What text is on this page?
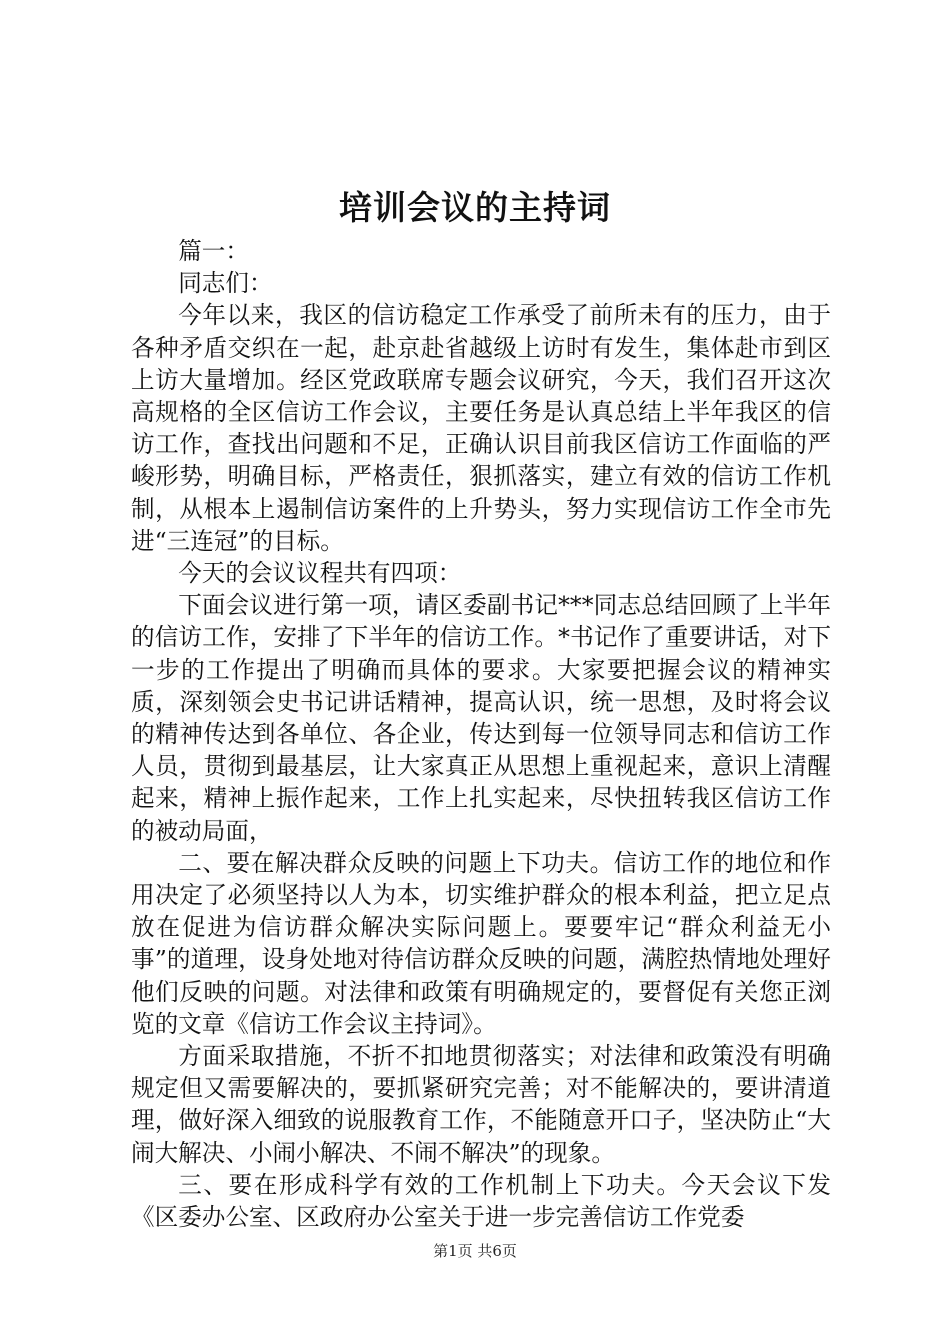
培训会议的主持词

篇一：

同志们：

今年以来，我区的信访稳定工作承受了前所未有的压力，由于各种矛盾交织在一起，赴京赴省越级上访时有发生，集体赴市到区上访大量增加。经区党政联席专题会议研究，今天，我们召开这次高规格的全区信访工作会议，主要任务是认真总结上半年我区的信访工作，查找出问题和不足，正确认识目前我区信访工作面临的严峻形势，明确目标，严格责任，狠抓落实，建立有效的信访工作机制，从根本上遏制信访案件的上升势头，努力实现信访工作全市先进“三连冠”的目标。

今天的会议议程共有四项：

下面会议进行第一项，请区委副书记***同志总结回顾了上半年的信访工作，安排了下半年的信访工作。*书记作了重要讲话，对下一步的工作提出了明确而具体的要求。大家要把握会议的精神实质，深刻领会史书记讲话精神，提高认识，统一思想，及时将会议的精神传达到各单位、各企业，传达到每一位领导同志和信访工作人员，贯彻到最基层，让大家真正从思想上重视起来，意识上清醒起来，精神上振作起来，工作上扎实起来，尽快扭转我区信访工作的被动局面，

二、要在解决群众反映的问题上下功夫。信访工作的地位和作用决定了必须坚持以人为本，切实维护群众的根本利益，把立足点放在促进为信访群众解决实际问题上。要要牢记“群众利益无小事”的道理，设身处地对待信访群众反映的问题，满腔热情地处理好他们反映的问题。对法律和政策有明确规定的，要督促有关您正浏览的文章《信访工作会议主持词》。

方面采取措施，不折不扣地贯彻落实；对法律和政策没有明确规定但又需要解决的，要抓紧研究完善；对不能解决的，要讲清道理，做好深入细致的说服教育工作，不能随意开口子，坚决防止“大闹大解决、小闹小解决、不闹不解决”的现象。

三、要在形成科学有效的工作机制上下功夫。今天会议下发《区委办公室、区政府办公室关于进一步完善信访工作党委

第1页 共6页
